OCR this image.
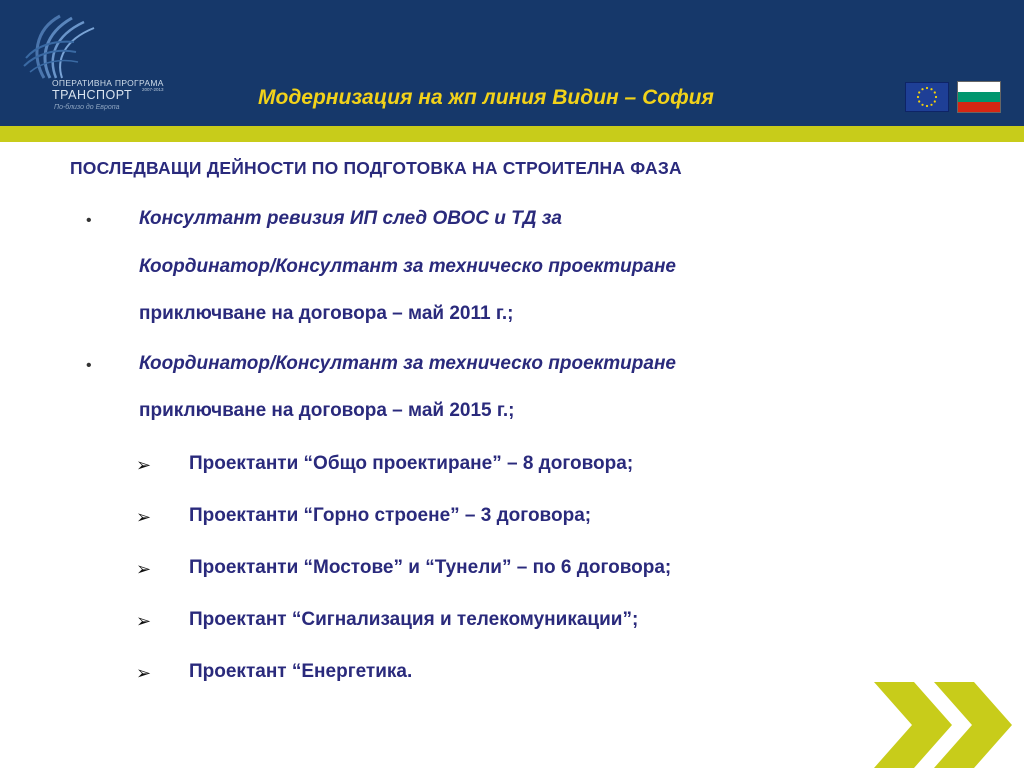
ОПЕРАТИВНА ПРОГРАМА
ТРАНСПОРТ 2007-2013
По-близо до Европа	Модернизация на жп линия Видин – София
ПОСЛЕДВАЩИ ДЕЙНОСТИ ПО ПОДГОТОВКА НА СТРОИТЕЛНА ФАЗА
• Консултант ревизия ИП след ОВОС и ТД за
Координатор/Консултант за техническо проектиране
приключване на договора – май 2011 г.;
• Координатор/Консултант за техническо проектиране
приключване на договора – май 2015 г.;
➢ Проектанти “Общо проектиране” – 8 договора;
➢ Проектанти “Горно строене” – 3 договора;
➢ Проектанти “Мостове” и “Тунели” – по 6 договора;
➢ Проектант “Сигнализация и телекомуникации”;
➢ Проектант “Енергетика.
